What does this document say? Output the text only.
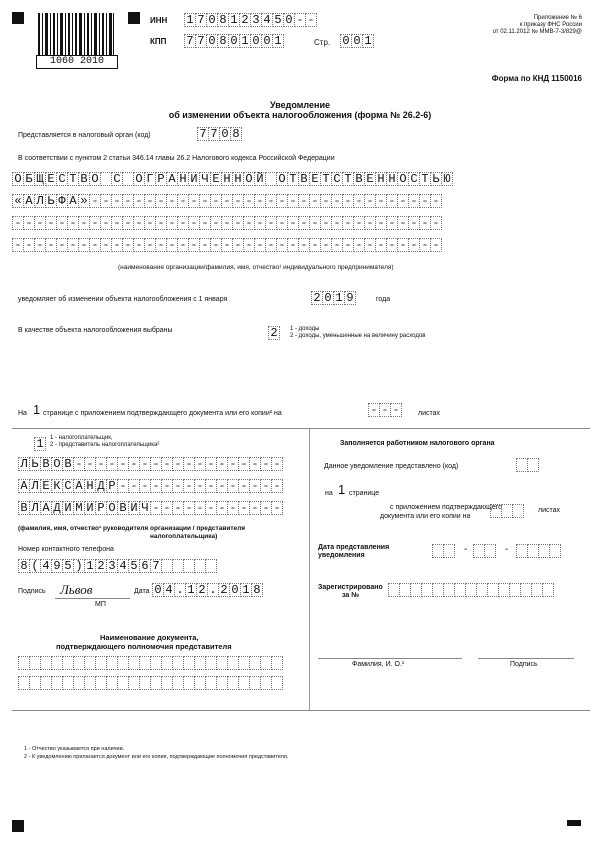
1060 2010
ИНН 1 7 0 8 1 2 3 4 5 0 - -
КПП 7 7 0 8 0 1 0 0 1	Стр. 0 0 1
Приложение № 6
к приказу ФНС России
от 02.11.2012 № ММВ-7-3/829@
Форма по КНД 1150016
Уведомление
об изменении объекта налогообложения (форма № 26.2-6)
Представляется в налоговый орган (код)	7 7 0 8
В соответствии с пунктом 2 статьи 346.14 главы 26.2 Налогового кодекса Российской Федерации
О Б Щ Е С Т В О С О Г Р А Н И Ч Е Н Н О Й О Т В Е Т С Т В Е Н Н О С Т Ь Ю
« А Л Ь Ф А » - - - - - - - - - - - - - - - - - - - - - - - - - - - - - - - -
- - - - - - - - - - - - - - - - - - - - - - - - - - - - - - - - - - - - - - -
- - - - - - - - - - - - - - - - - - - - - - - - - - - - - - - - - - - - - - -
(наименование организации/фамилия, имя, отчество¹ индивидуального предпринимателя)
уведомляет об изменении объекта налогообложения с 1 января	2 0 1 9	года
В качестве объекта налогообложения выбраны	2	1 - доходы
2 - доходы, уменьшенные на величину расходов
На 1 странице с приложением подтверждающего документа или его копии² на	- - -	листах
1	1 - налогоплательщик,
2 - представитель налогоплательщика²
Л Ь В О В - - - - - - - - - - - - - - - - - - -
А Л Е К С А Н Д Р - - - - - - - - - - - - - - -
В Л А Д И М И Р О В И Ч - - - - - - - - - - - -
(фамилия, имя, отчество¹ руководителя организации / представителя
налогоплательщика)
Номер контактного телефона
8 ( 4 9 5 ) 1 2 3 4 5 6 7
Подпись Львов
МП
Дата 0 4 . 1 2 . 2 0 1 8
Наименование документа,
подтверждающего полномочия представителя
Заполняется работником налогового органа
Данное уведомление представлено (код)
на 1 странице
с приложением подтверждающего
документа или его копии на
листах
Дата представления
уведомления
-	-
Зарегистрировано
за №
Фамилия, И. О.¹	Подпись
1 - Отчество указывается при наличии.
2 - К уведомлению прилагается документ или его копия, подтверждающие полномочия представителя.
